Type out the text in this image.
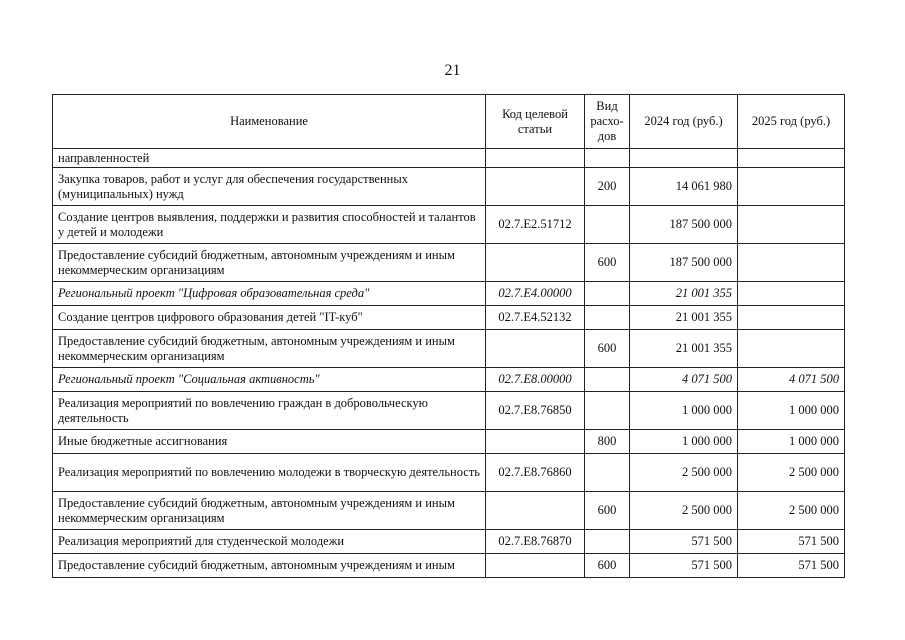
21
Наименование	Код целевой статьи	Вид расхо-дов	2024 год (руб.)	2025 год (руб.)
направленностей				
Закупка товаров, работ и услуг для обеспечения государственных (муниципальных) нужд		200	14 061 980	
Создание центров выявления, поддержки и развития способностей и талантов у детей и молодежи	02.7.Е2.51712		187 500 000	
Предоставление субсидий бюджетным, автономным учреждениям и иным некоммерческим организациям		600	187 500 000	
Региональный проект "Цифровая образовательная среда"	02.7.Е4.00000		21 001 355	
Создание центров цифрового образования детей "IT-куб"	02.7.Е4.52132		21 001 355	
Предоставление субсидий бюджетным, автономным учреждениям и иным некоммерческим организациям		600	21 001 355	
Региональный проект "Социальная активность"	02.7.Е8.00000		4 071 500	4 071 500
Реализация мероприятий по вовлечению граждан в добровольческую деятельность	02.7.Е8.76850		1 000 000	1 000 000
Иные бюджетные ассигнования		800	1 000 000	1 000 000
Реализация мероприятий по вовлечению молодежи в творческую деятельность	02.7.Е8.76860		2 500 000	2 500 000
Предоставление субсидий бюджетным, автономным учреждениям и иным некоммерческим организациям		600	2 500 000	2 500 000
Реализация мероприятий для студенческой молодежи	02.7.Е8.76870		571 500	571 500
Предоставление субсидий бюджетным, автономным учреждениям и иным		600	571 500	571 500
